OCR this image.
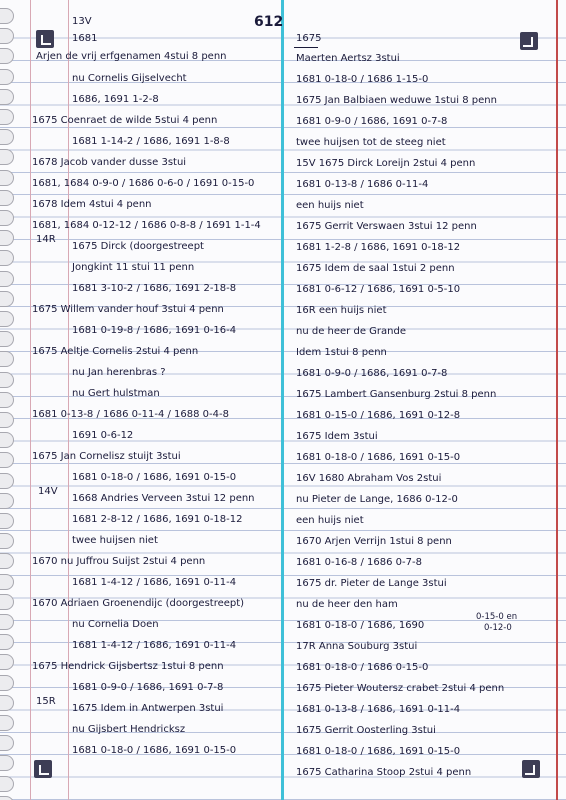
13V	612
1681	1675
Arjen de vrij erfgenamen 4stui 8 penn
nu Cornelis Gijselvecht
1686, 1691 1-2-8
1675 Coenraet de wilde 5stui 4 penn
1681 1-14-2 / 1686, 1691 1-8-8
1678 Jacob vander dusse 3stui
1681, 1684 0-9-0 / 1686 0-6-0 / 1691 0-15-0
1678 Idem 4stui 4 penn
1681, 1684 0-12-12 / 1686 0-8-8 / 1691 1-1-4
1675 Dirck (doorgestreept
Jongkint 11 stui 11 penn
1681 3-10-2 / 1686, 1691 2-18-8
1675 Willem vander houf 3stui 4 penn
1681 0-19-8 / 1686, 1691 0-16-4
1675 Aeltje Cornelis 2stui 4 penn
nu Jan herenbras ?
nu Gert hulstman
1681 0-13-8 / 1686 0-11-4 / 1688 0-4-8
1691 0-6-12
1675 Jan Cornelisz stuijt 3stui
1681 0-18-0 / 1686, 1691 0-15-0
1668 Andries Verveen 3stui 12 penn
1681 2-8-12 / 1686, 1691 0-18-12
twee huijsen niet
1670 nu Juffrou Suijst 2stui 4 penn
1681 1-4-12 / 1686, 1691 0-11-4
1670 Adriaen Groenendijc (doorgestreept)
nu Cornelia Doen
1681 1-4-12 / 1686, 1691 0-11-4
1675 Hendrick Gijsbertsz 1stui 8 penn
1681 0-9-0 / 1686, 1691 0-7-8
1675 Idem in Antwerpen 3stui
nu Gijsbert Hendricksz
1681 0-18-0 / 1686, 1691 0-15-0
14R
14V
15R
Maerten Aertsz 3stui
1681 0-18-0 / 1686 1-15-0
1675 Jan Balbiaen weduwe 1stui 8 penn
1681 0-9-0 / 1686, 1691 0-7-8
twee huijsen tot de steeg niet
15V 1675 Dirck Loreijn 2stui 4 penn
1681 0-13-8 / 1686 0-11-4
een huijs niet
1675 Gerrit Verswaen 3stui 12 penn
1681 1-2-8 / 1686, 1691 0-18-12
1675 Idem de saal 1stui 2 penn
1681 0-6-12 / 1686, 1691 0-5-10
16R een huijs niet
nu de heer de Grande
Idem 1stui 8 penn
1681 0-9-0 / 1686, 1691 0-7-8
1675 Lambert Gansenburg 2stui 8 penn
1681 0-15-0 / 1686, 1691 0-12-8
1675 Idem 3stui
1681 0-18-0 / 1686, 1691 0-15-0
16V 1680 Abraham Vos 2stui
nu Pieter de Lange, 1686 0-12-0
een huijs niet
1670 Arjen Verrijn 1stui 8 penn
1681 0-16-8 / 1686 0-7-8
1675 dr. Pieter de Lange 3stui
nu de heer den ham
1681 0-18-0 / 1686, 1690
17R Anna Souburg 3stui
1681 0-18-0 / 1686 0-15-0
1675 Pieter Woutersz crabet 2stui 4 penn
1681 0-13-8 / 1686, 1691 0-11-4
1675 Gerrit Oosterling 3stui
1681 0-18-0 / 1686, 1691 0-15-0
1675 Catharina Stoop 2stui 4 penn
0-15-0 en
0-12-0
